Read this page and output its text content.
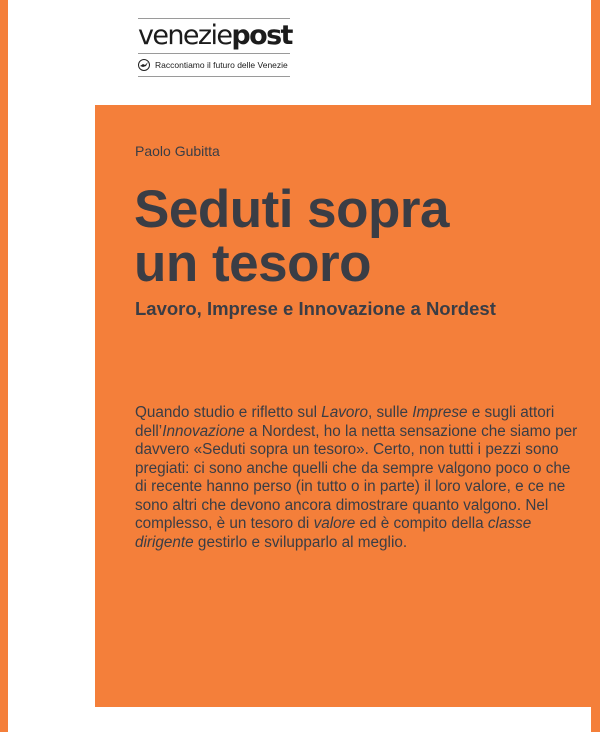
veneziepost
Raccontiamo il futuro delle Venezie
Paolo Gubitta
Seduti sopra
un tesoro
Lavoro, Imprese e Innovazione a Nordest

Quando studio e rifletto sul Lavoro, sulle Imprese e sugli attori dell’Innovazione a Nordest, ho la netta sensazione che siamo per davvero «Seduti sopra un tesoro». Certo, non tutti i pezzi sono pregiati: ci sono anche quelli che da sempre valgono poco o che di recente hanno perso (in tutto o in parte) il loro valore, e ce ne sono altri che devono ancora dimostrare quanto valgono. Nel complesso, è un tesoro di valore ed è compito della classe dirigente gestirlo e svilupparlo al meglio.
